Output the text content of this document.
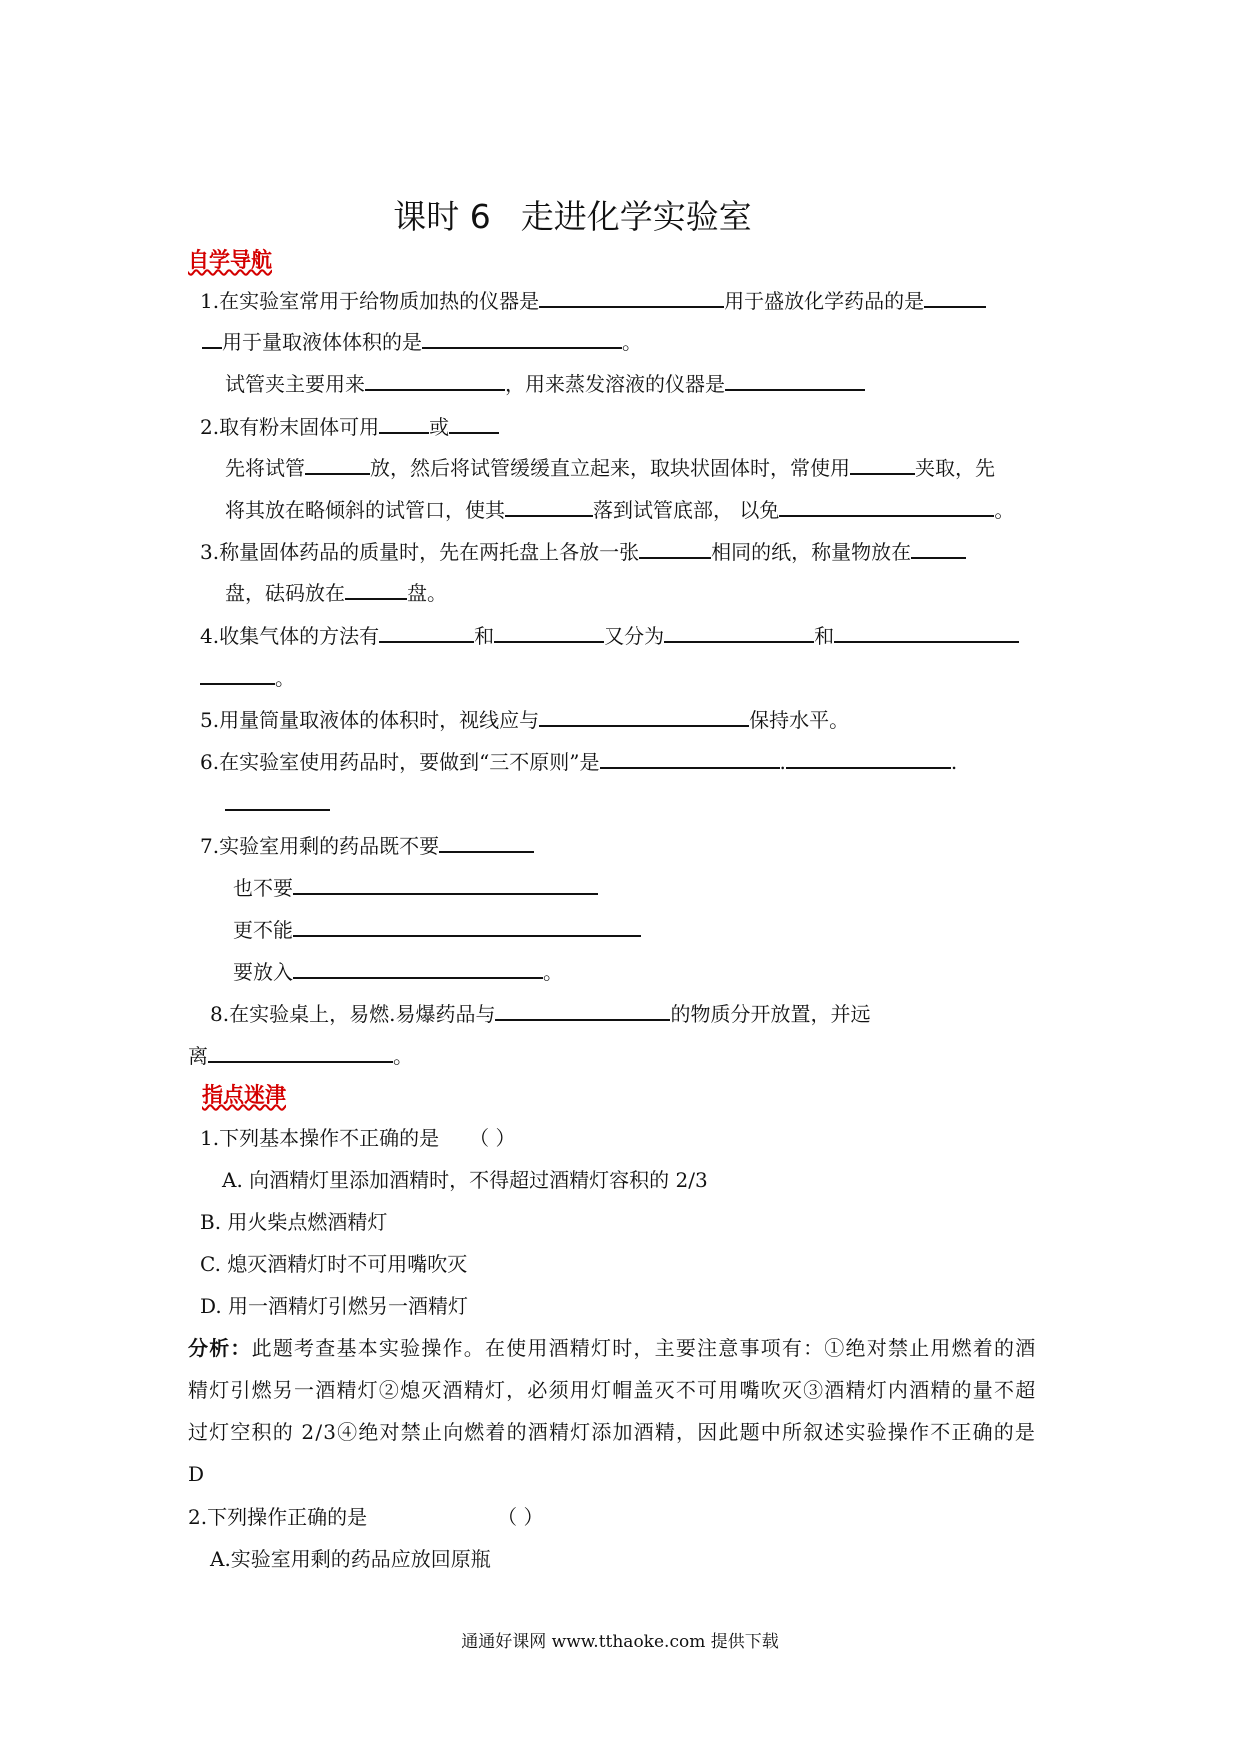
课时 6 走进化学实验室
自学导航
1.在实验室常用于给物质加热的仪器是	用于盛放化学药品的是
用于量取液体体积的是	。
试管夹主要用来	，用来蒸发溶液的仪器是
2.取有粉末固体可用	或
先将试管	放，然后将试管缓缓直立起来，取块状固体时，常使用	夹取，先
将其放在略倾斜的试管口，使其	落到试管底部， 以免	。
3.称量固体药品的质量时，先在两托盘上各放一张	相同的纸，称量物放在
盘，砝码放在	盘。
4.收集气体的方法有	和	又分为	和
。
5.用量筒量取液体的体积时，视线应与	保持水平。
6.在实验室使用药品时，要做到“三不原则”是	.	.
7.实验室用剩的药品既不要
也不要
更不能
要放入	。
8.在实验桌上，易燃.易爆药品与	的物质分开放置，并远
离	。
指点迷津
1.下列基本操作不正确的是 （ ）
A. 向酒精灯里添加酒精时，不得超过酒精灯容积的 2/3
B. 用火柴点燃酒精灯
C. 熄灭酒精灯时不可用嘴吹灭
D. 用一酒精灯引燃另一酒精灯
分析：此题考查基本实验操作。在使用酒精灯时，主要注意事项有：①绝对禁止用燃着的酒
精灯引燃另一酒精灯②熄灭酒精灯，必须用灯帽盖灭不可用嘴吹灭③酒精灯内酒精的量不超
过灯空积的 2/3④绝对禁止向燃着的酒精灯添加酒精，因此题中所叙述实验操作不正确的是
D
2.下列操作正确的是	（ ）
A.实验室用剩的药品应放回原瓶
通通好课网 www.tthaoke.com 提供下载
